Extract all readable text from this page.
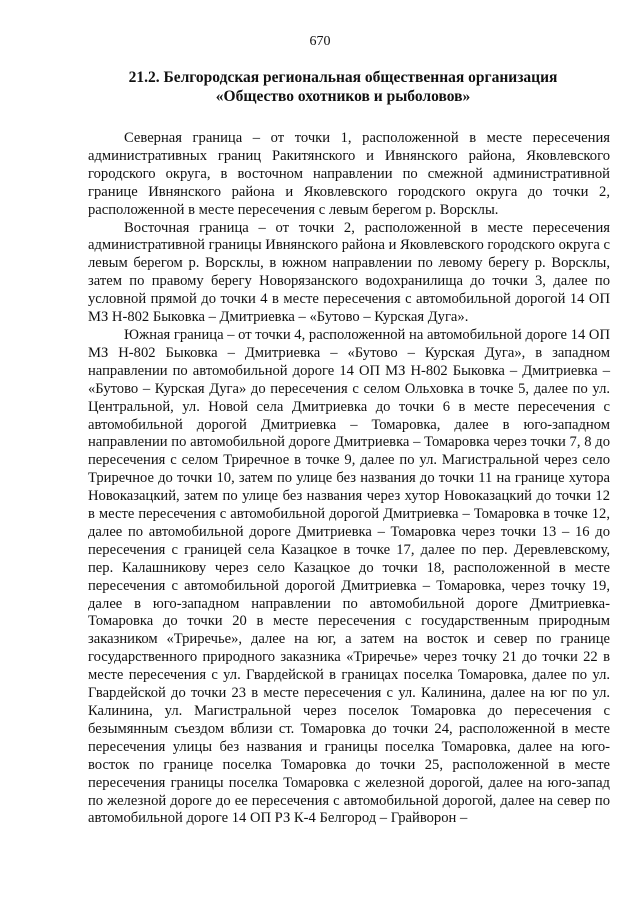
670
21.2. Белгородская региональная общественная организация
«Общество охотников и рыболовов»

Северная граница – от точки 1, расположенной в месте пересечения административных границ Ракитянского и Ивнянского района, Яковлевского городского округа, в восточном направлении по смежной административной границе Ивнянского района и Яковлевского городского округа до точки 2, расположенной в месте пересечения с левым берегом р. Ворсклы.

Восточная граница – от точки 2, расположенной в месте пересечения административной границы Ивнянского района и Яковлевского городского округа с левым берегом р. Ворсклы, в южном направлении по левому берегу р. Ворсклы, затем по правому берегу Новорязанского водохранилища до точки 3, далее по условной прямой до точки 4 в месте пересечения с автомобильной дорогой 14 ОП МЗ Н-802 Быковка – Дмитриевка – «Бутово – Курская Дуга».

Южная граница – от точки 4, расположенной на автомобильной дороге 14 ОП МЗ Н-802 Быковка – Дмитриевка – «Бутово – Курская Дуга», в западном направлении по автомобильной дороге 14 ОП МЗ Н-802 Быковка – Дмитриевка – «Бутово – Курская Дуга» до пересечения с селом Ольховка в точке 5, далее по ул. Центральной, ул. Новой села Дмитриевка до точки 6 в месте пересечения с автомобильной дорогой Дмитриевка – Томаровка, далее в юго-западном направлении по автомобильной дороге Дмитриевка – Томаровка через точки 7, 8 до пересечения с селом Триречное в точке 9, далее по ул. Магистральной через село Триречное до точки 10, затем по улице без названия до точки 11 на границе хутора Новоказацкий, затем по улице без названия через хутор Новоказацкий до точки 12 в месте пересечения с автомобильной дорогой Дмитриевка – Томаровка в точке 12, далее по автомобильной дороге Дмитриевка – Томаровка через точки 13 – 16 до пересечения с границей села Казацкое в точке 17, далее по пер. Деревлевскому, пер. Калашникову через село Казацкое до точки 18, расположенной в месте пересечения с автомобильной дорогой Дмитриевка – Томаровка, через точку 19, далее в юго-западном направлении по автомобильной дороге Дмитриевка-Томаровка до точки 20 в месте пересечения с государственным природным заказником «Триречье», далее на юг, а затем на восток и север по границе государственного природного заказника «Триречье» через точку 21 до точки 22 в месте пересечения с ул. Гвардейской в границах поселка Томаровка, далее по ул. Гвардейской до точки 23 в месте пересечения с ул. Калинина, далее на юг по ул. Калинина, ул. Магистральной через поселок Томаровка до пересечения с безымянным съездом вблизи ст. Томаровка до точки 24, расположенной в месте пересечения улицы без названия и границы поселка Томаровка, далее на юго-восток по границе поселка Томаровка до точки 25, расположенной в месте пересечения границы поселка Томаровка с железной дорогой, далее на юго-запад по железной дороге до ее пересечения с автомобильной дорогой, далее на север по автомобильной дороге 14 ОП РЗ К-4 Белгород – Грайворон –
